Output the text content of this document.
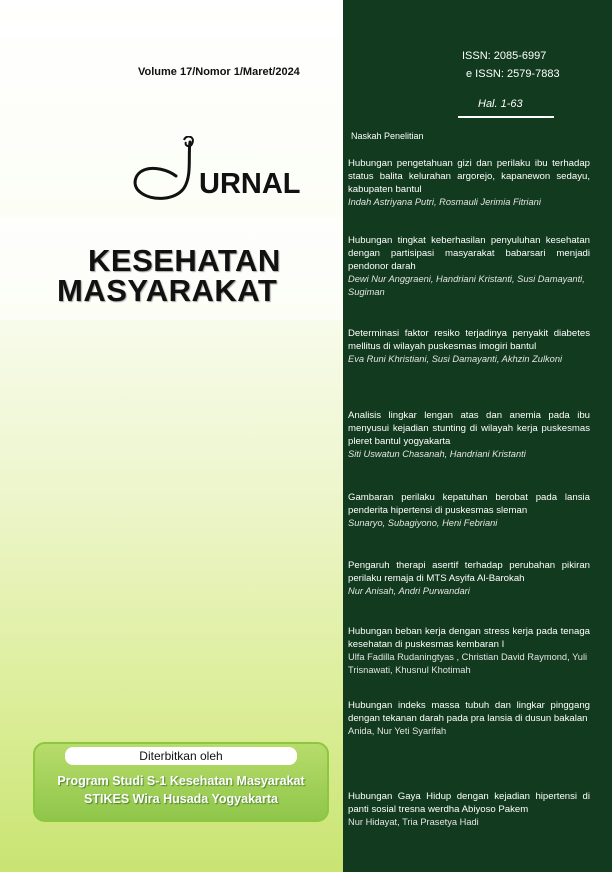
Volume 17/Nomor 1/Maret/2024
ISSN: 2085-6997
e ISSN: 2579-7883
Hal. 1-63
URNAL
KESEHATAN
MASYARAKAT
Diterbitkan oleh
Program Studi S-1 Kesehatan Masyarakat
STIKES Wira Husada Yogyakarta
Naskah Penelitian

Hubungan pengetahuan gizi dan perilaku ibu terhadap status balita kelurahan argorejo, kapanewon sedayu, kabupaten bantul

Indah Astriyana Putri, Rosmauli Jerimia Fitriani

Hubungan tingkat keberhasilan penyuluhan kesehatan dengan partisipasi masyarakat babarsari menjadi pendonor darah

Dewi Nur Anggraeni, Handriani Kristanti, Susi Damayanti, Sugiman

Determinasi faktor resiko terjadinya penyakit diabetes mellitus di wilayah puskesmas imogiri bantul

Eva Runi Khristiani, Susi Damayanti, Akhzin Zulkoni

Analisis lingkar lengan atas dan anemia pada ibu menyusui kejadian stunting di wilayah kerja puskesmas pleret bantul yogyakarta

Siti Uswatun Chasanah, Handriani Kristanti

Gambaran perilaku kepatuhan berobat pada lansia penderita hipertensi di puskesmas sleman

Sunaryo, Subagiyono, Heni Febriani

Pengaruh therapi asertif terhadap perubahan pikiran perilaku remaja di MTS Asyifa Al-Barokah

Nur Anisah, Andri Purwandari

Hubungan beban kerja dengan stress kerja pada tenaga kesehatan di puskesmas kembaran I

Ulfa Fadilla Rudaningtyas , Christian David Raymond, Yuli Trisnawati, Khusnul Khotimah

Hubungan indeks massa tubuh dan lingkar pinggang dengan tekanan darah pada pra lansia di dusun bakalan

Anida, Nur Yeti Syarifah

Hubungan Gaya Hidup dengan kejadian hipertensi di panti sosial tresna werdha Abiyoso Pakem

Nur Hidayat, Tria Prasetya Hadi
